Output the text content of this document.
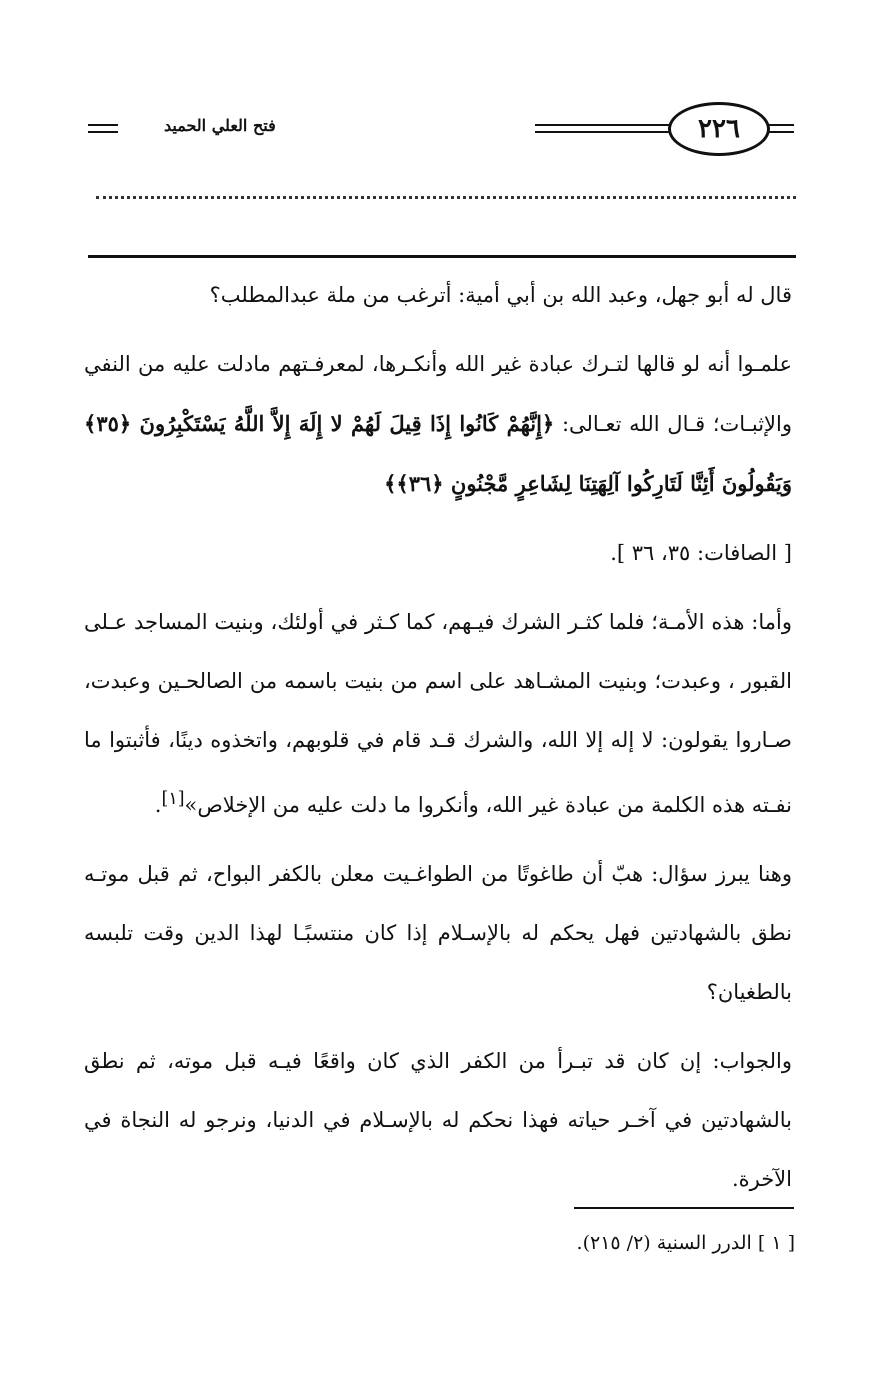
فتح العلي الحميد	٢٢٦

قال له أبو جهل، وعبد الله بن أبي أمية: أترغب من ملة عبدالمطلب؟

علمـوا أنه لو قالها لتـرك عبادة غير الله وأنكـرها، لمعرفـتهم مادلت عليه من النفي والإثبـات؛ قـال الله تعـالى: ﴿إِنَّهُمْ كَانُوا إِذَا قِيلَ لَهُمْ لا إِلَهَ إِلاَّ اللَّهُ يَسْتَكْبِرُونَ ﴿٣٥﴾ وَيَقُولُونَ أَئِنَّا لَتَارِكُوا آلِهَتِنَا لِشَاعِرٍ مَّجْنُونٍ ﴿٣٦﴾﴾

[ الصافات: ٣٥، ٣٦ ].

وأما: هذه الأمـة؛ فلما كثـر الشرك فيـهم، كما كـثر في أولئك، وبنيت المساجد عـلى القبور ، وعبدت؛ وبنيت المشـاهد على اسم من بنيت باسمه من الصالحـين وعبدت، صـاروا يقولون: لا إله إلا الله، والشرك قـد قام في قلوبهم، واتخذوه دينًا، فأثبتوا ما نفـته هذه الكلمة من عبادة غير الله، وأنكروا ما دلت عليه من الإخلاص»[١].

وهنا يبرز سؤال: هبّ أن طاغوتًا من الطواغـيت معلن بالكفر البواح، ثم قبل موتـه نطق بالشهادتين فهل يحكم له بالإسـلام إذا كان منتسبًـا لهذا الدين وقت تلبسه بالطغيان؟

والجواب: إن كان قد تبـرأ من الكفر الذي كان واقعًا فيـه قبل موته، ثم نطق بالشهادتين في آخـر حياته فهذا نحكم له بالإسـلام في الدنيا، ونرجو له النجاة في الآخرة.

[ ١ ] الدرر السنية (٢/ ٢١٥).
